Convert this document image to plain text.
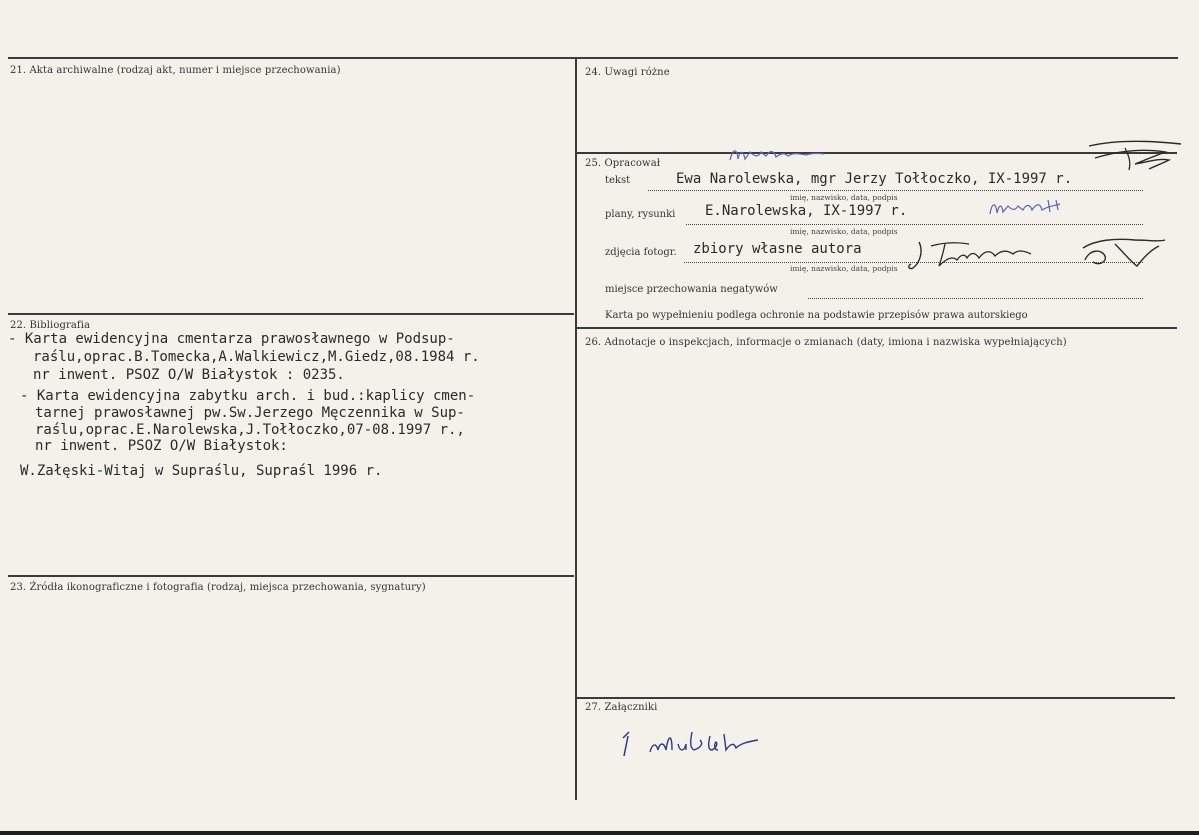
21. Akta archiwalne (rodzaj akt, numer i miejsce przechowania)
22. Bibliografia
- Karta ewidencyjna cmentarza prawosławnego w Podsup-
raślu,oprac.B.Tomecka,A.Walkiewicz,M.Giedz,08.1984 r.
nr inwent. PSOZ O/W Białystok : 0235.
- Karta ewidencyjna zabytku arch. i bud.:kaplicy cmen-
tarnej prawosławnej pw.Sw.Jerzego Męczennika w Sup-
raślu,oprac.E.Narolewska,J.Tołłoczko,07-08.1997 r.,
nr inwent. PSOZ O/W Białystok:
W.Załęski-Witaj w Supraślu, Supraśl 1996 r.
23. Źródła ikonograficzne i fotografia (rodzaj, miejsca przechowania, sygnatury)
24. Uwagi różne
25. Opracował
tekst	Ewa Narolewska, mgr Jerzy Tołłoczko, IX-1997 r.
imię, nazwisko, data, podpis
plany, rysunki E.Narolewska, IX-1997 r.
imię, nazwisko, data, podpis
zdjęcia fotogr. zbiory własne autora
imię, nazwisko, data, podpis
miejsce przechowania negatywów
Karta po wypełnieniu podlega ochronie na podstawie przepisów prawa autorskiego
26. Adnotacje o inspekcjach, informacje o zmianach (daty, imiona i nazwiska wypełniających)
27. Załączniki
